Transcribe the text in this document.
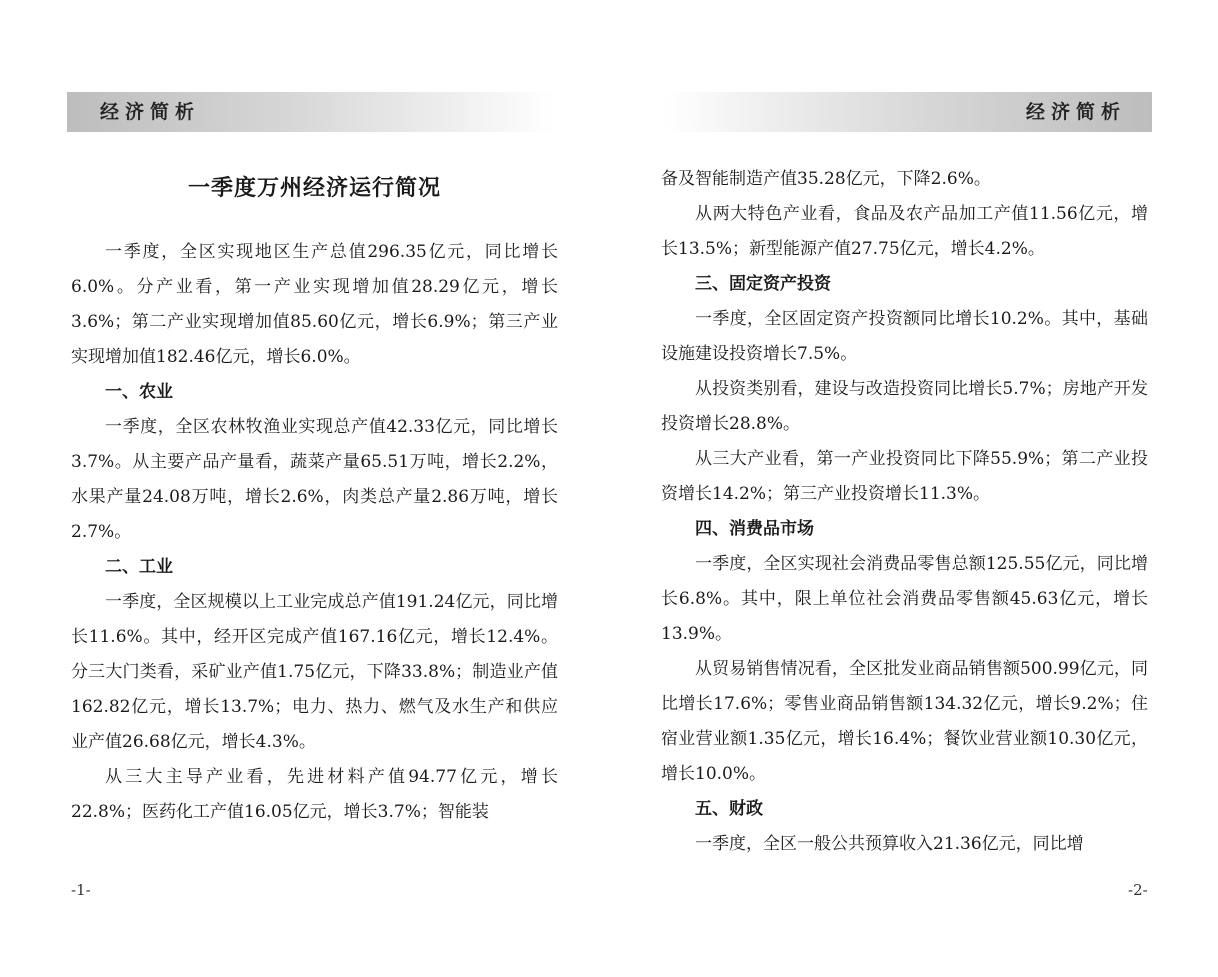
经济简析
-1-
一季度万州经济运行简况

一季度，全区实现地区生产总值296.35亿元，同比增长6.0%。分产业看，第一产业实现增加值28.29亿元，增长3.6%；第二产业实现增加值85.60亿元，增长6.9%；第三产业实现增加值182.46亿元，增长6.0%。

一、农业

一季度，全区农林牧渔业实现总产值42.33亿元，同比增长3.7%。从主要产品产量看，蔬菜产量65.51万吨，增长2.2%，水果产量24.08万吨，增长2.6%，肉类总产量2.86万吨，增长2.7%。

二、工业

一季度，全区规模以上工业完成总产值191.24亿元，同比增长11.6%。其中，经开区完成产值167.16亿元，增长12.4%。分三大门类看，采矿业产值1.75亿元，下降33.8%；制造业产值162.82亿元，增长13.7%；电力、热力、燃气及水生产和供应业产值26.68亿元，增长4.3%。

从三大主导产业看，先进材料产值94.77亿元，增长22.8%；医药化工产值16.05亿元，增长3.7%；智能装

经济简析
-2-

备及智能制造产值35.28亿元，下降2.6%。

从两大特色产业看，食品及农产品加工产值11.56亿元，增长13.5%；新型能源产值27.75亿元，增长4.2%。

三、固定资产投资

一季度，全区固定资产投资额同比增长10.2%。其中，基础设施建设投资增长7.5%。

从投资类别看，建设与改造投资同比增长5.7%；房地产开发投资增长28.8%。

从三大产业看，第一产业投资同比下降55.9%；第二产业投资增长14.2%；第三产业投资增长11.3%。

四、消费品市场

一季度，全区实现社会消费品零售总额125.55亿元，同比增长6.8%。其中，限上单位社会消费品零售额45.63亿元，增长13.9%。

从贸易销售情况看，全区批发业商品销售额500.99亿元，同比增长17.6%；零售业商品销售额134.32亿元，增长9.2%；住宿业营业额1.35亿元，增长16.4%；餐饮业营业额10.30亿元，增长10.0%。

五、财政

一季度，全区一般公共预算收入21.36亿元，同比增
